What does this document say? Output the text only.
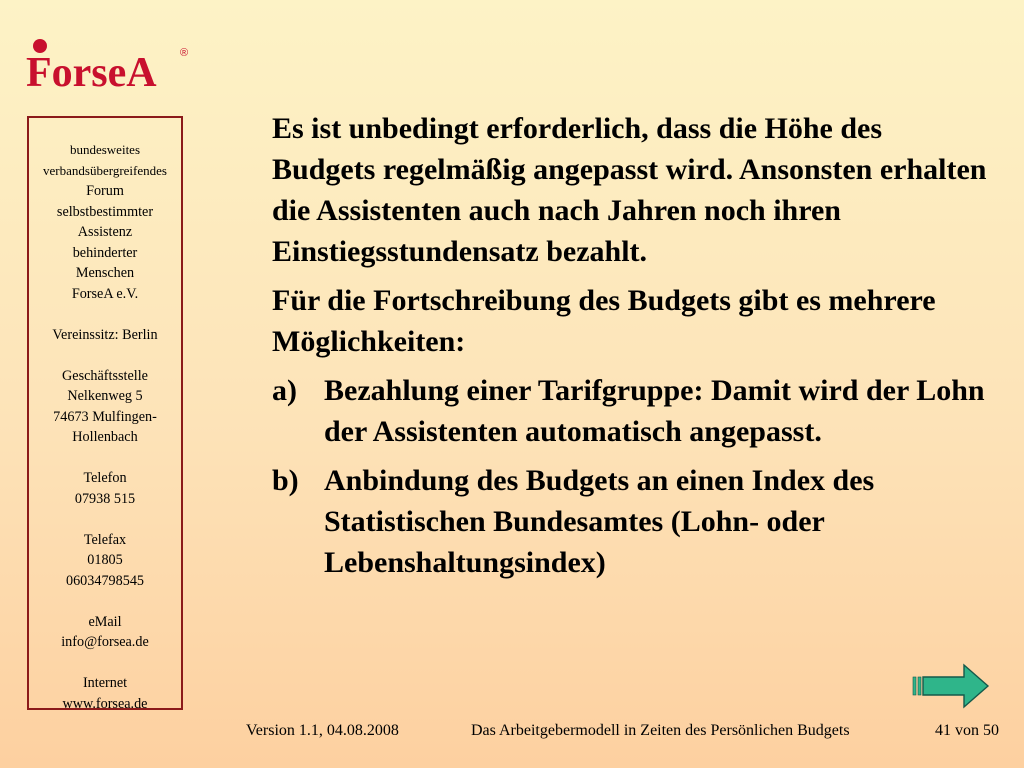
ForseA ®
bundesweites
verbandsübergreifendes
Forum
selbstbestimmter
Assistenz
behinderter
Menschen
ForseA e.V.
Vereinssitz: Berlin
Geschäftsstelle
Nelkenweg 5
74673 Mulfingen-
Hollenbach
Telefon
07938 515
Telefax
01805
06034798545
eMail
info@forsea.de
Internet
www.forsea.de

Es ist unbedingt erforderlich, dass die Höhe des Budgets regelmäßig angepasst wird. Ansonsten erhalten die Assistenten auch nach Jahren noch ihren Einstiegsstundensatz bezahlt.

Für die Fortschreibung des Budgets gibt es mehrere Möglichkeiten:

a) Bezahlung einer Tarifgruppe: Damit wird der Lohn der Assistenten automatisch angepasst.
b) Anbindung des Budgets an einen Index des Statistischen Bundesamtes (Lohn- oder Lebenshaltungsindex)
Version 1.1, 04.08.2008	Das Arbeitgebermodell in Zeiten des Persönlichen Budgets	41 von 50
